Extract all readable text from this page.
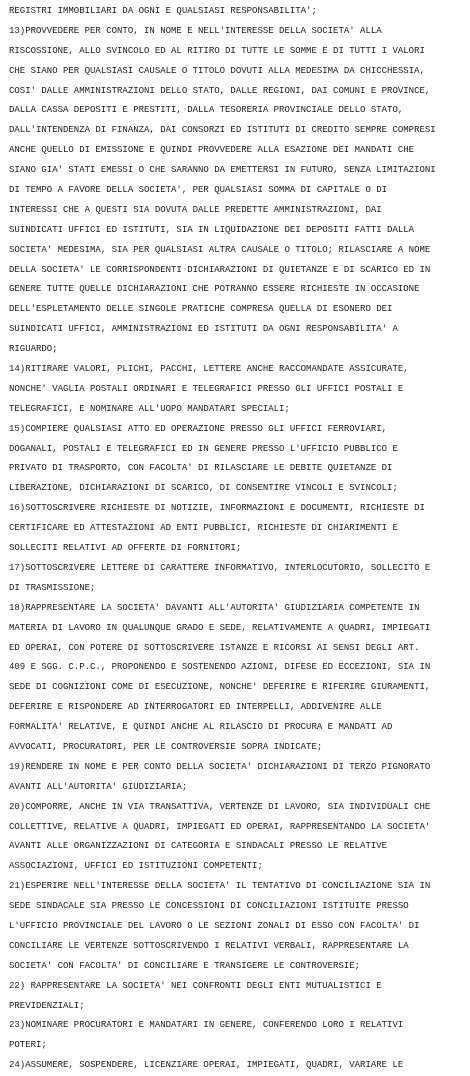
REGISTRI IMMOBILIARI DA OGNI E QUALSIASI RESPONSABILITA';
13)PROVVEDERE PER CONTO, IN NOME E NELL'INTERESSE DELLA SOCIETA' ALLA
RISCOSSIONE, ALLO SVINCOLO ED AL RITIRO DI TUTTE LE SOMME E DI TUTTI I VALORI
CHE SIANO PER QUALSIASI CAUSALE O TITOLO DOVUTI ALLA MEDESIMA DA CHICCHESSIA,
COSI' DALLE AMMINISTRAZIONI DELLO STATO, DALLE REGIONI, DAI COMUNI E PROVINCE,
DALLA CASSA DEPOSITI E PRESTITI, DALLA TESORERIA PROVINCIALE DELLO STATO,
DALL'INTENDENZA DI FINANZA, DAI CONSORZI ED ISTITUTI DI CREDITO SEMPRE COMPRESI
ANCHE QUELLO DI EMISSIONE E QUINDI PROVVEDERE ALLA ESAZIONE DEI MANDATI CHE
SIANO GIA' STATI EMESSI O CHE SARANNO DA EMETTERSI IN FUTURO, SENZA LIMITAZIONI
DI TEMPO A FAVORE DELLA SOCIETA', PER QUALSIASI SOMMA DI CAPITALE O DI
INTERESSI CHE A QUESTI SIA DOVUTA DALLE PREDETTE AMMINISTRAZIONI, DAI
SUINDICATI UFFICI ED ISTITUTI, SIA IN LIQUIDAZIONE DEI DEPOSITI FATTI DALLA
SOCIETA' MEDESIMA, SIA PER QUALSIASI ALTRA CAUSALE O TITOLO; RILASCIARE A NOME
DELLA SOCIETA' LE CORRISPONDENTI DICHIARAZIONI DI QUIETANZE E DI SCARICO ED IN
GENERE TUTTE QUELLE DICHIARAZIONI CHE POTRANNO ESSERE RICHIESTE IN OCCASIONE
DELL'ESPLETAMENTO DELLE SINGOLE PRATICHE COMPRESA QUELLA DI ESONERO DEI
SUINDICATI UFFICI, AMMINISTRAZIONI ED ISTITUTI DA OGNI RESPONSABILITA' A
RIGUARDO;
14)RITIRARE VALORI, PLICHI, PACCHI, LETTERE ANCHE RACCOMANDATE ASSICURATE,
NONCHE' VAGLIA POSTALI ORDINARI E TELEGRAFICI PRESSO GLI UFFICI POSTALI E
TELEGRAFICI, E NOMINARE ALL'UOPO MANDATARI SPECIALI;
15)COMPIERE QUALSIASI ATTO ED OPERAZIONE PRESSO GLI UFFICI FERROVIARI,
DOGANALI, POSTALI E TELEGRAFICI ED IN GENERE PRESSO L'UFFICIO PUBBLICO E
PRIVATO DI TRASPORTO, CON FACOLTA' DI RILASCIARE LE DEBITE QUIETANZE DI
LIBERAZIONE, DICHIARAZIONI DI SCARICO, DI CONSENTIRE VINCOLI E SVINCOLI;
16)SOTTOSCRIVERE RICHIESTE DI NOTIZIE, INFORMAZIONI E DOCUMENTI, RICHIESTE DI
CERTIFICARE ED ATTESTAZIONI AD ENTI PUBBLICI, RICHIESTE DI CHIARIMENTI E
SOLLECITI RELATIVI AD OFFERTE DI FORNITORI;
17)SOTTOSCRIVERE LETTERE DI CARATTERE INFORMATIVO, INTERLOCUTORIO, SOLLECITO E
DI TRASMISSIONE;
18)RAPPRESENTARE LA SOCIETA' DAVANTI ALL'AUTORITA' GIUDIZIARIA COMPETENTE IN
MATERIA DI LAVORO IN QUALUNQUE GRADO E SEDE, RELATIVAMENTE A QUADRI, IMPIEGATI
ED OPERAI, CON POTERE DI SOTTOSCRIVERE ISTANZE E RICORSI AI SENSI DEGLI ART.
409 E SGG. C.P.C., PROPONENDO E SOSTENENDO AZIONI, DIFESE ED ECCEZIONI, SIA IN
SEDE DI COGNIZIONI COME DI ESECUZIONE, NONCHE' DEFERIRE E RIFERIRE GIURAMENTI,
DEFERIRE E RISPONDERE AD INTERROGATORI ED INTERPELLI, ADDIVENIRE ALLE
FORMALITA' RELATIVE, E QUINDI ANCHE AL RILASCIO DI PROCURA E MANDATI AD
AVVOCATI, PROCURATORI, PER LE CONTROVERSIE SOPRA INDICATE;
19)RENDERE IN NOME E PER CONTO DELLA SOCIETA' DICHIARAZIONI DI TERZO PIGNORATO
AVANTI ALL'AUTORITA' GIUDIZIARIA;
20)COMPORRE, ANCHE IN VIA TRANSATTIVA, VERTENZE DI LAVORO, SIA INDIVIDUALI CHE
COLLETTIVE, RELATIVE A QUADRI, IMPIEGATI ED OPERAI, RAPPRESENTANDO LA SOCIETA'
AVANTI ALLE ORGANIZZAZIONI DI CATEGORIA E SINDACALI PRESSO LE RELATIVE
ASSOCIAZIONI, UFFICI ED ISTITUZIONI COMPETENTI;
21)ESPERIRE NELL'INTERESSE DELLA SOCIETA' IL TENTATIVO DI CONCILIAZIONE SIA IN
SEDE SINDACALE SIA PRESSO LE CONCESSIONI DI CONCILIAZIONI ISTITUITE PRESSO
L'UFFICIO PROVINCIALE DEL LAVORO O LE SEZIONI ZONALI DI ESSO CON FACOLTA' DI
CONCILIARE LE VERTENZE SOTTOSCRIVENDO I RELATIVI VERBALI, RAPPRESENTARE LA
SOCIETA' CON FACOLTA' DI CONCILIARE E TRANSIGERE LE CONTROVERSIE;
22) RAPPRESENTARE LA SOCIETA' NEI CONFRONTI DEGLI ENTI MUTUALISTICI E
PREVIDENZIALI;
23)NOMINARE PROCURATORI E MANDATARI IN GENERE, CONFERENDO LORO I RELATIVI
POTERI;
24)ASSUMERE, SOSPENDERE, LICENZIARE OPERAI, IMPIEGATI, QUADRI, VARIARE LE
